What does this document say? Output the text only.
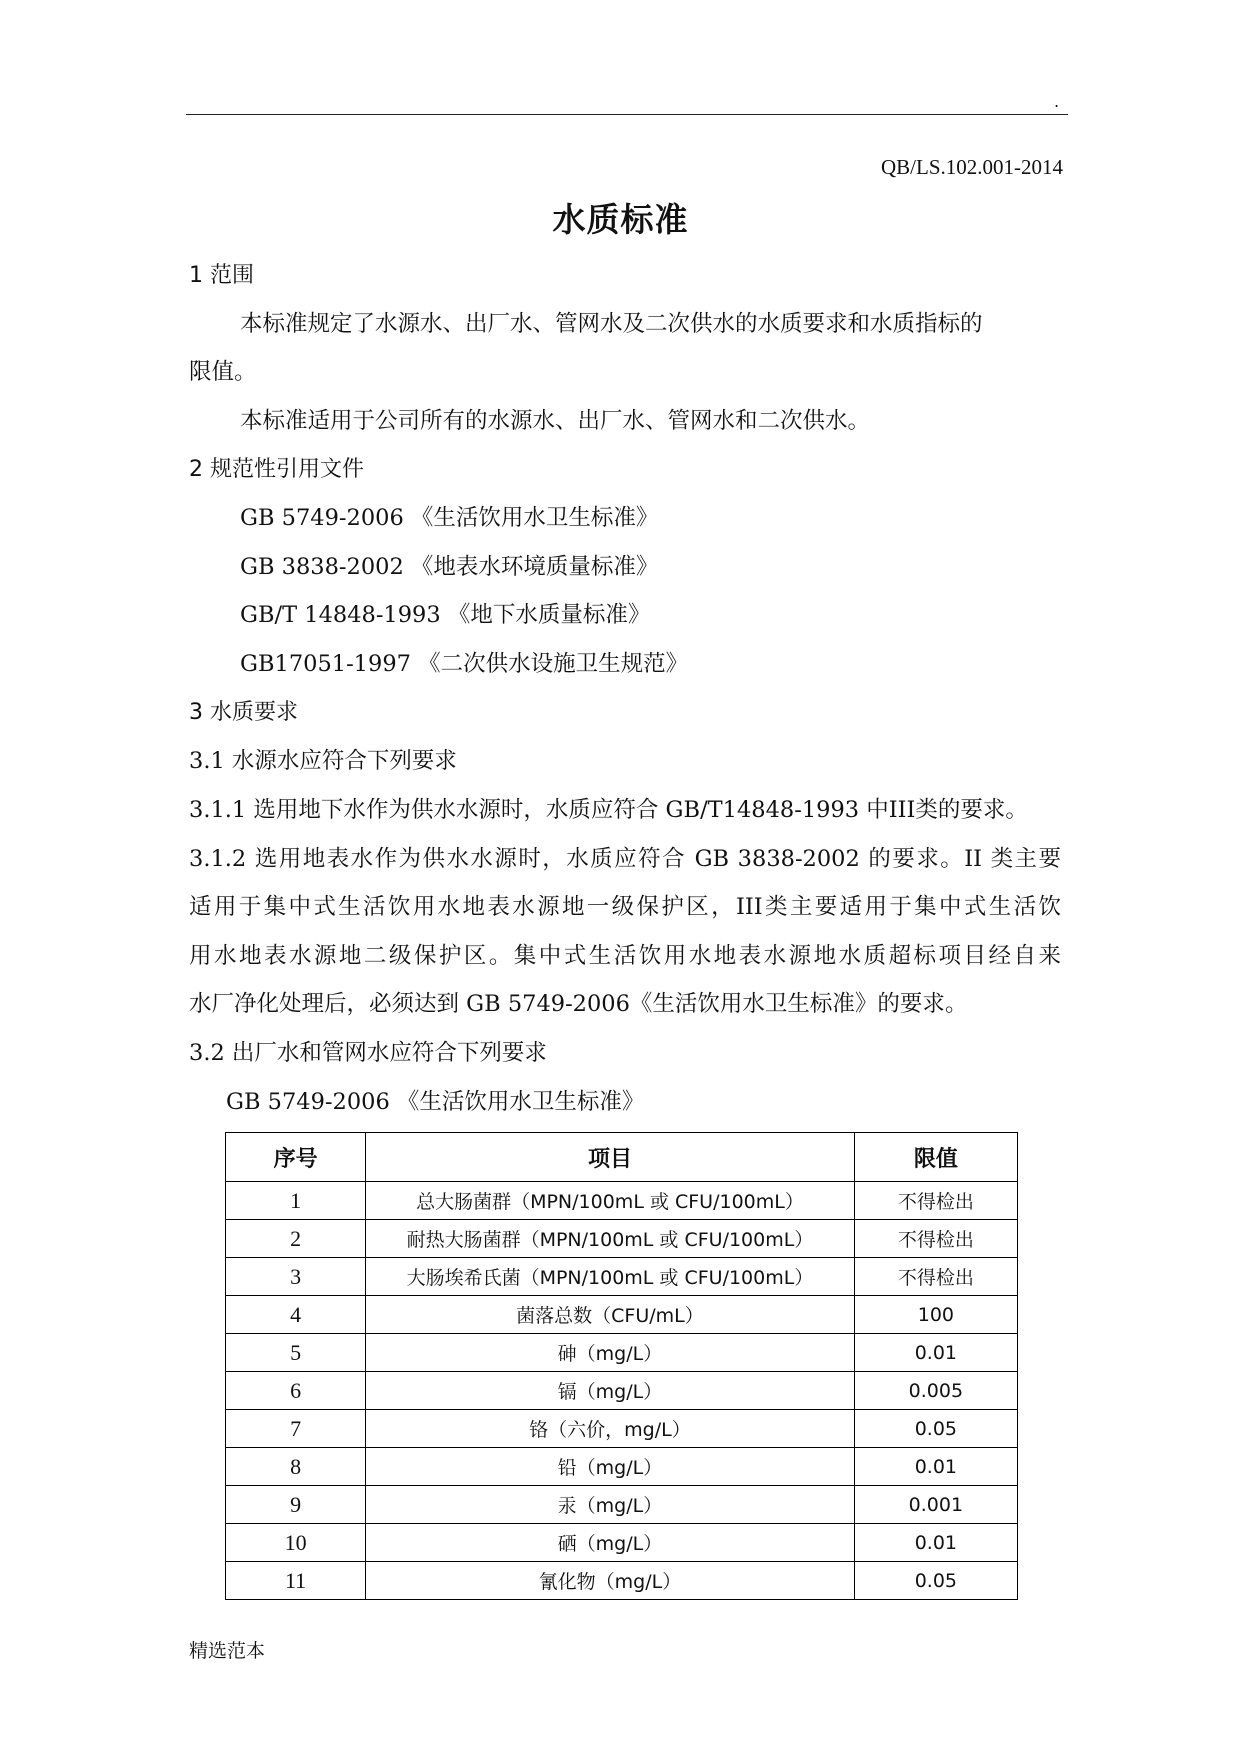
.
QB/LS.102.001-2014
水质标准
1 范围
本标准规定了水源水、出厂水、管网水及二次供水的水质要求和水质指标的
限值。
本标准适用于公司所有的水源水、出厂水、管网水和二次供水。
2 规范性引用文件
GB 5749-2006 《生活饮用水卫生标准》
GB 3838-2002 《地表水环境质量标准》
GB/T 14848-1993 《地下水质量标准》
GB17051-1997 《二次供水设施卫生规范》
3 水质要求
3.1 水源水应符合下列要求
3.1.1 选用地下水作为供水水源时，水质应符合 GB/T14848-1993 中III类的要求。
3.1.2 选用地表水作为供水水源时，水质应符合 GB 3838-2002 的要求。II 类主要
适用于集中式生活饮用水地表水源地一级保护区，III类主要适用于集中式生活饮
用水地表水源地二级保护区。集中式生活饮用水地表水源地水质超标项目经自来
水厂净化处理后，必须达到 GB 5749-2006《生活饮用水卫生标准》的要求。
3.2 出厂水和管网水应符合下列要求
GB 5749-2006 《生活饮用水卫生标准》
序号	项目	限值
1	总大肠菌群（MPN/100mL 或 CFU/100mL）	不得检出
2	耐热大肠菌群（MPN/100mL 或 CFU/100mL）	不得检出
3	大肠埃希氏菌（MPN/100mL 或 CFU/100mL）	不得检出
4	菌落总数（CFU/mL）	100
5	砷（mg/L）	0.01
6	镉（mg/L）	0.005
7	铬（六价，mg/L）	0.05
8	铅（mg/L）	0.01
9	汞（mg/L）	0.001
10	硒（mg/L）	0.01
11	氰化物（mg/L）	0.05
精选范本
